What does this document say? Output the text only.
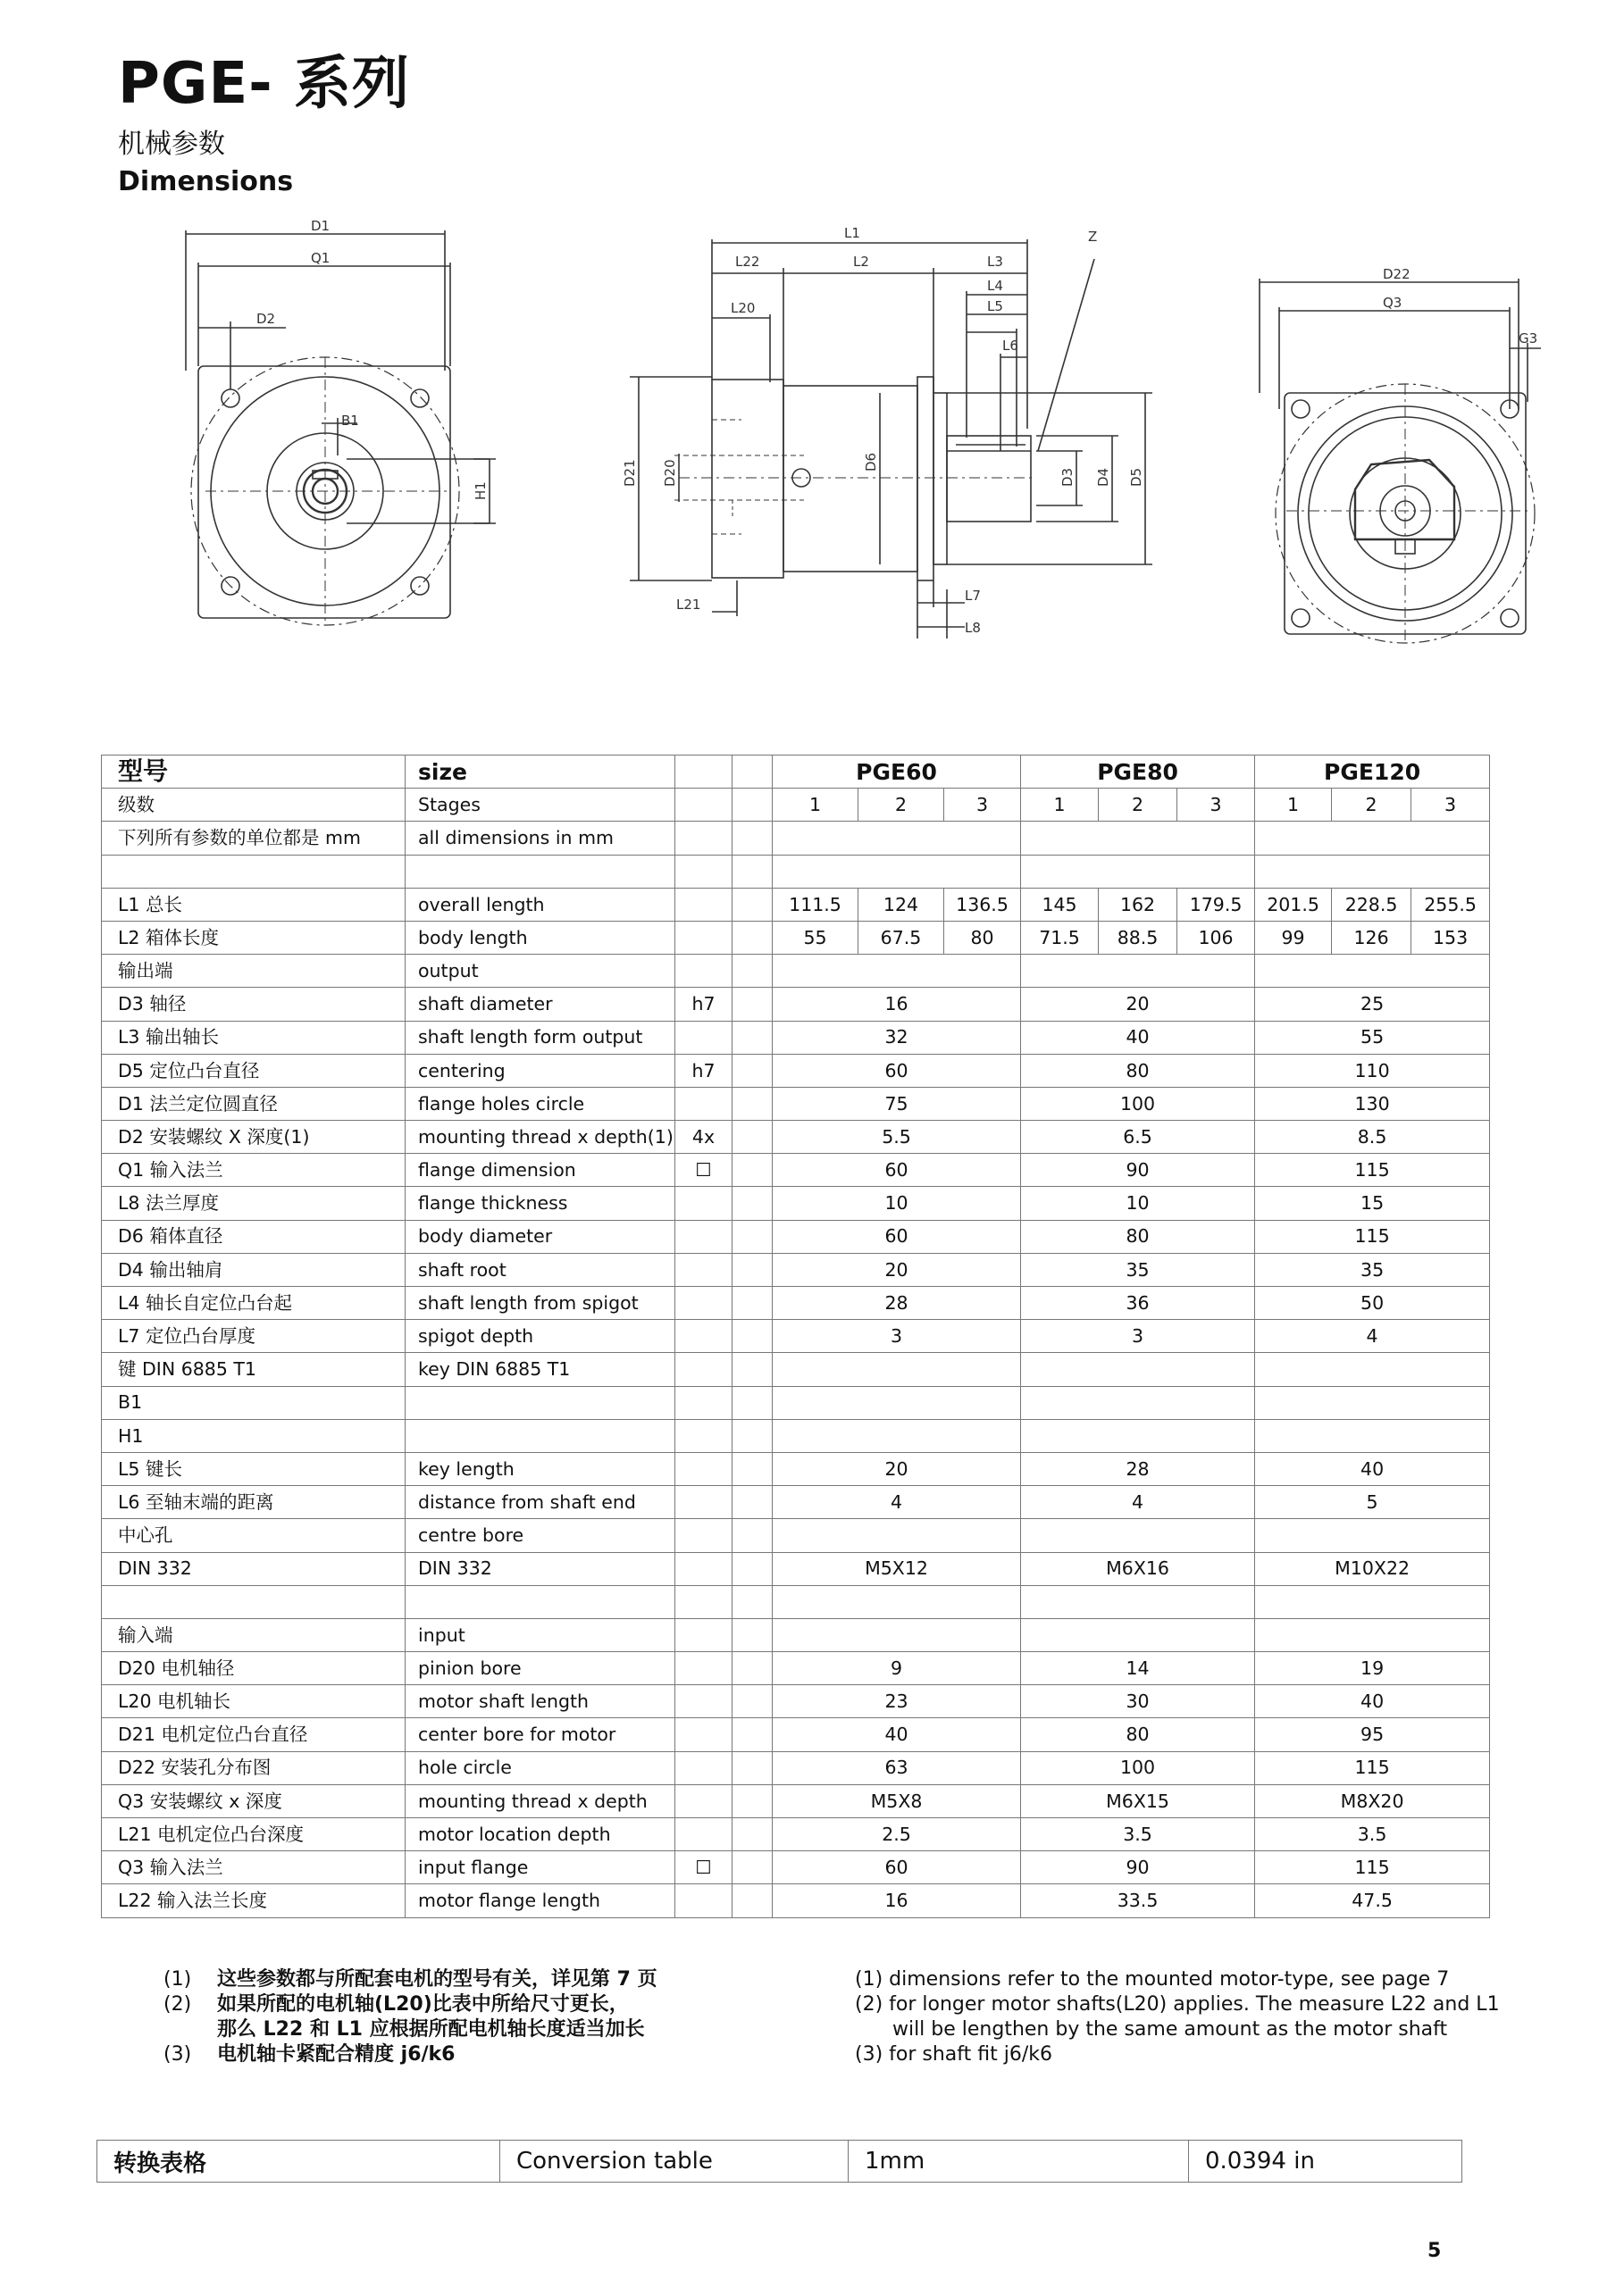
PGE- 系列
机械参数
Dimensions
D1
Q1
D2
B1
H1
L1
L22	L2	L3
L4
L5
L6
L20
Z
D21 D20	D6
D3 D4 D5
L21
L7
L8
D22
Q3
G3
型号	size			PGE60			PGE80			PGE120		
级数	Stages			1	2	3	1	2	3	1	2	3
下列所有参数的单位都是 mm	all dimensions in mm											

L1 总长	overall length			111.5	124	136.5	145	162	179.5	201.5	228.5	255.5
L2 箱体长度	body length			55	67.5	80	71.5	88.5	106	99	126	153
输出端	output											
D3 轴径	shaft diameter	h7		16			20			25		
L3 输出轴长	shaft length form output			32			40			55		
D5 定位凸台直径	centering	h7		60			80			110		
D1 法兰定位圆直径	flange holes circle			75			100			130		
D2 安装螺纹 X 深度(1)	mounting thread x depth(1)	4x		5.5			6.5			8.5		
Q1 输入法兰	flange dimension	☐		60			90			115		
L8 法兰厚度	flange thickness			10			10			15		
D6 箱体直径	body diameter			60			80			115		
D4 输出轴肩	shaft root			20			35			35		
L4 轴长自定位凸台起	shaft length from spigot			28			36			50		
L7 定位凸台厚度	spigot depth			3			3			4		
键 DIN 6885 T1	key DIN 6885 T1											
B1												
H1												
L5 键长	key length			20			28			40		
L6 至轴末端的距离	distance from shaft end			4			4			5		
中心孔	centre bore											
DIN 332	DIN 332			M5X12			M6X16			M10X22		

输入端	input											
D20 电机轴径	pinion bore			9			14			19		
L20 电机轴长	motor shaft length			23			30			40		
D21 电机定位凸台直径	center bore for motor			40			80			95		
D22 安装孔分布图	hole circle			63			100			115		
Q3 安装螺纹 x 深度	mounting thread x depth			M5X8			M6X15			M8X20		
L21 电机定位凸台深度	motor location depth			2.5			3.5			3.5		
Q3 输入法兰	input flange	☐		60			90			115		
L22 输入法兰长度	motor flange length			16			33.5			47.5		
(1) 这些参数都与所配套电机的型号有关，详见第 7 页
(2) 如果所配的电机轴(L20)比表中所给尺寸更长，
那么 L22 和 L1 应根据所配电机轴长度适当加长
(3) 电机轴卡紧配合精度 j6/k6
(1) dimensions refer to the mounted motor-type, see page 7
(2) for longer motor shafts(L20) applies. The measure L22 and L1
will be lengthen by the same amount as the motor shaft
(3) for shaft fit j6/k6
转换表格	Conversion table	1mm	0.0394 in
5
